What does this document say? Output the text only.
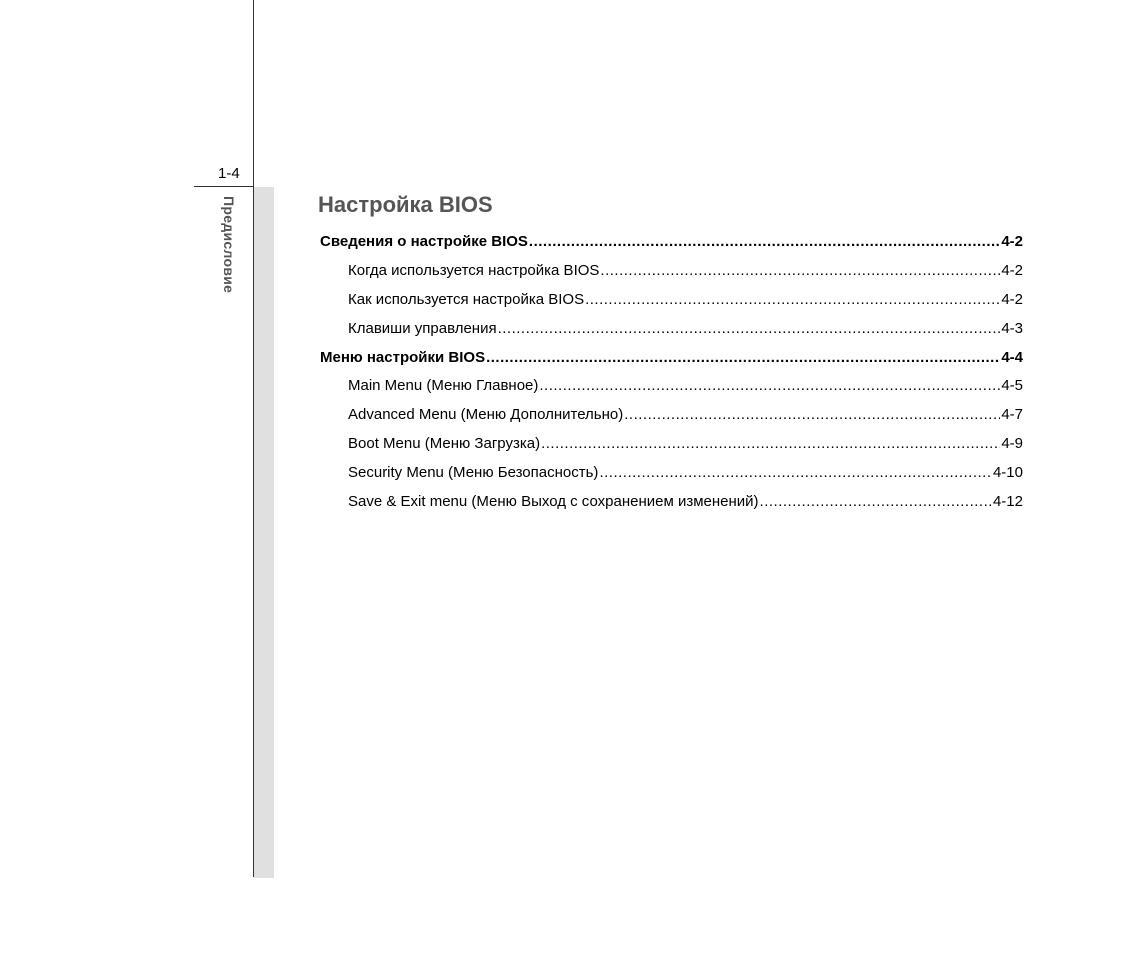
1-4
Предисловие	Настройка BIOS
Сведения о настройке BIOS .....	4-2
Когда используется настройка BIOS .....	4-2
Как используется настройка BIOS .....	4-2
Клавиши управления .....	4-3
Меню настройки BIOS .....	4-4
Main Menu (Меню Главное) .....	4-5
Advanced Menu (Меню Дополнительно) .....	4-7
Boot Menu (Меню Загрузка) .....	4-9
Security Menu (Меню Безопасность) .....	4-10
Save & Exit menu (Меню Выход с сохранением изменений) .....	4-12
